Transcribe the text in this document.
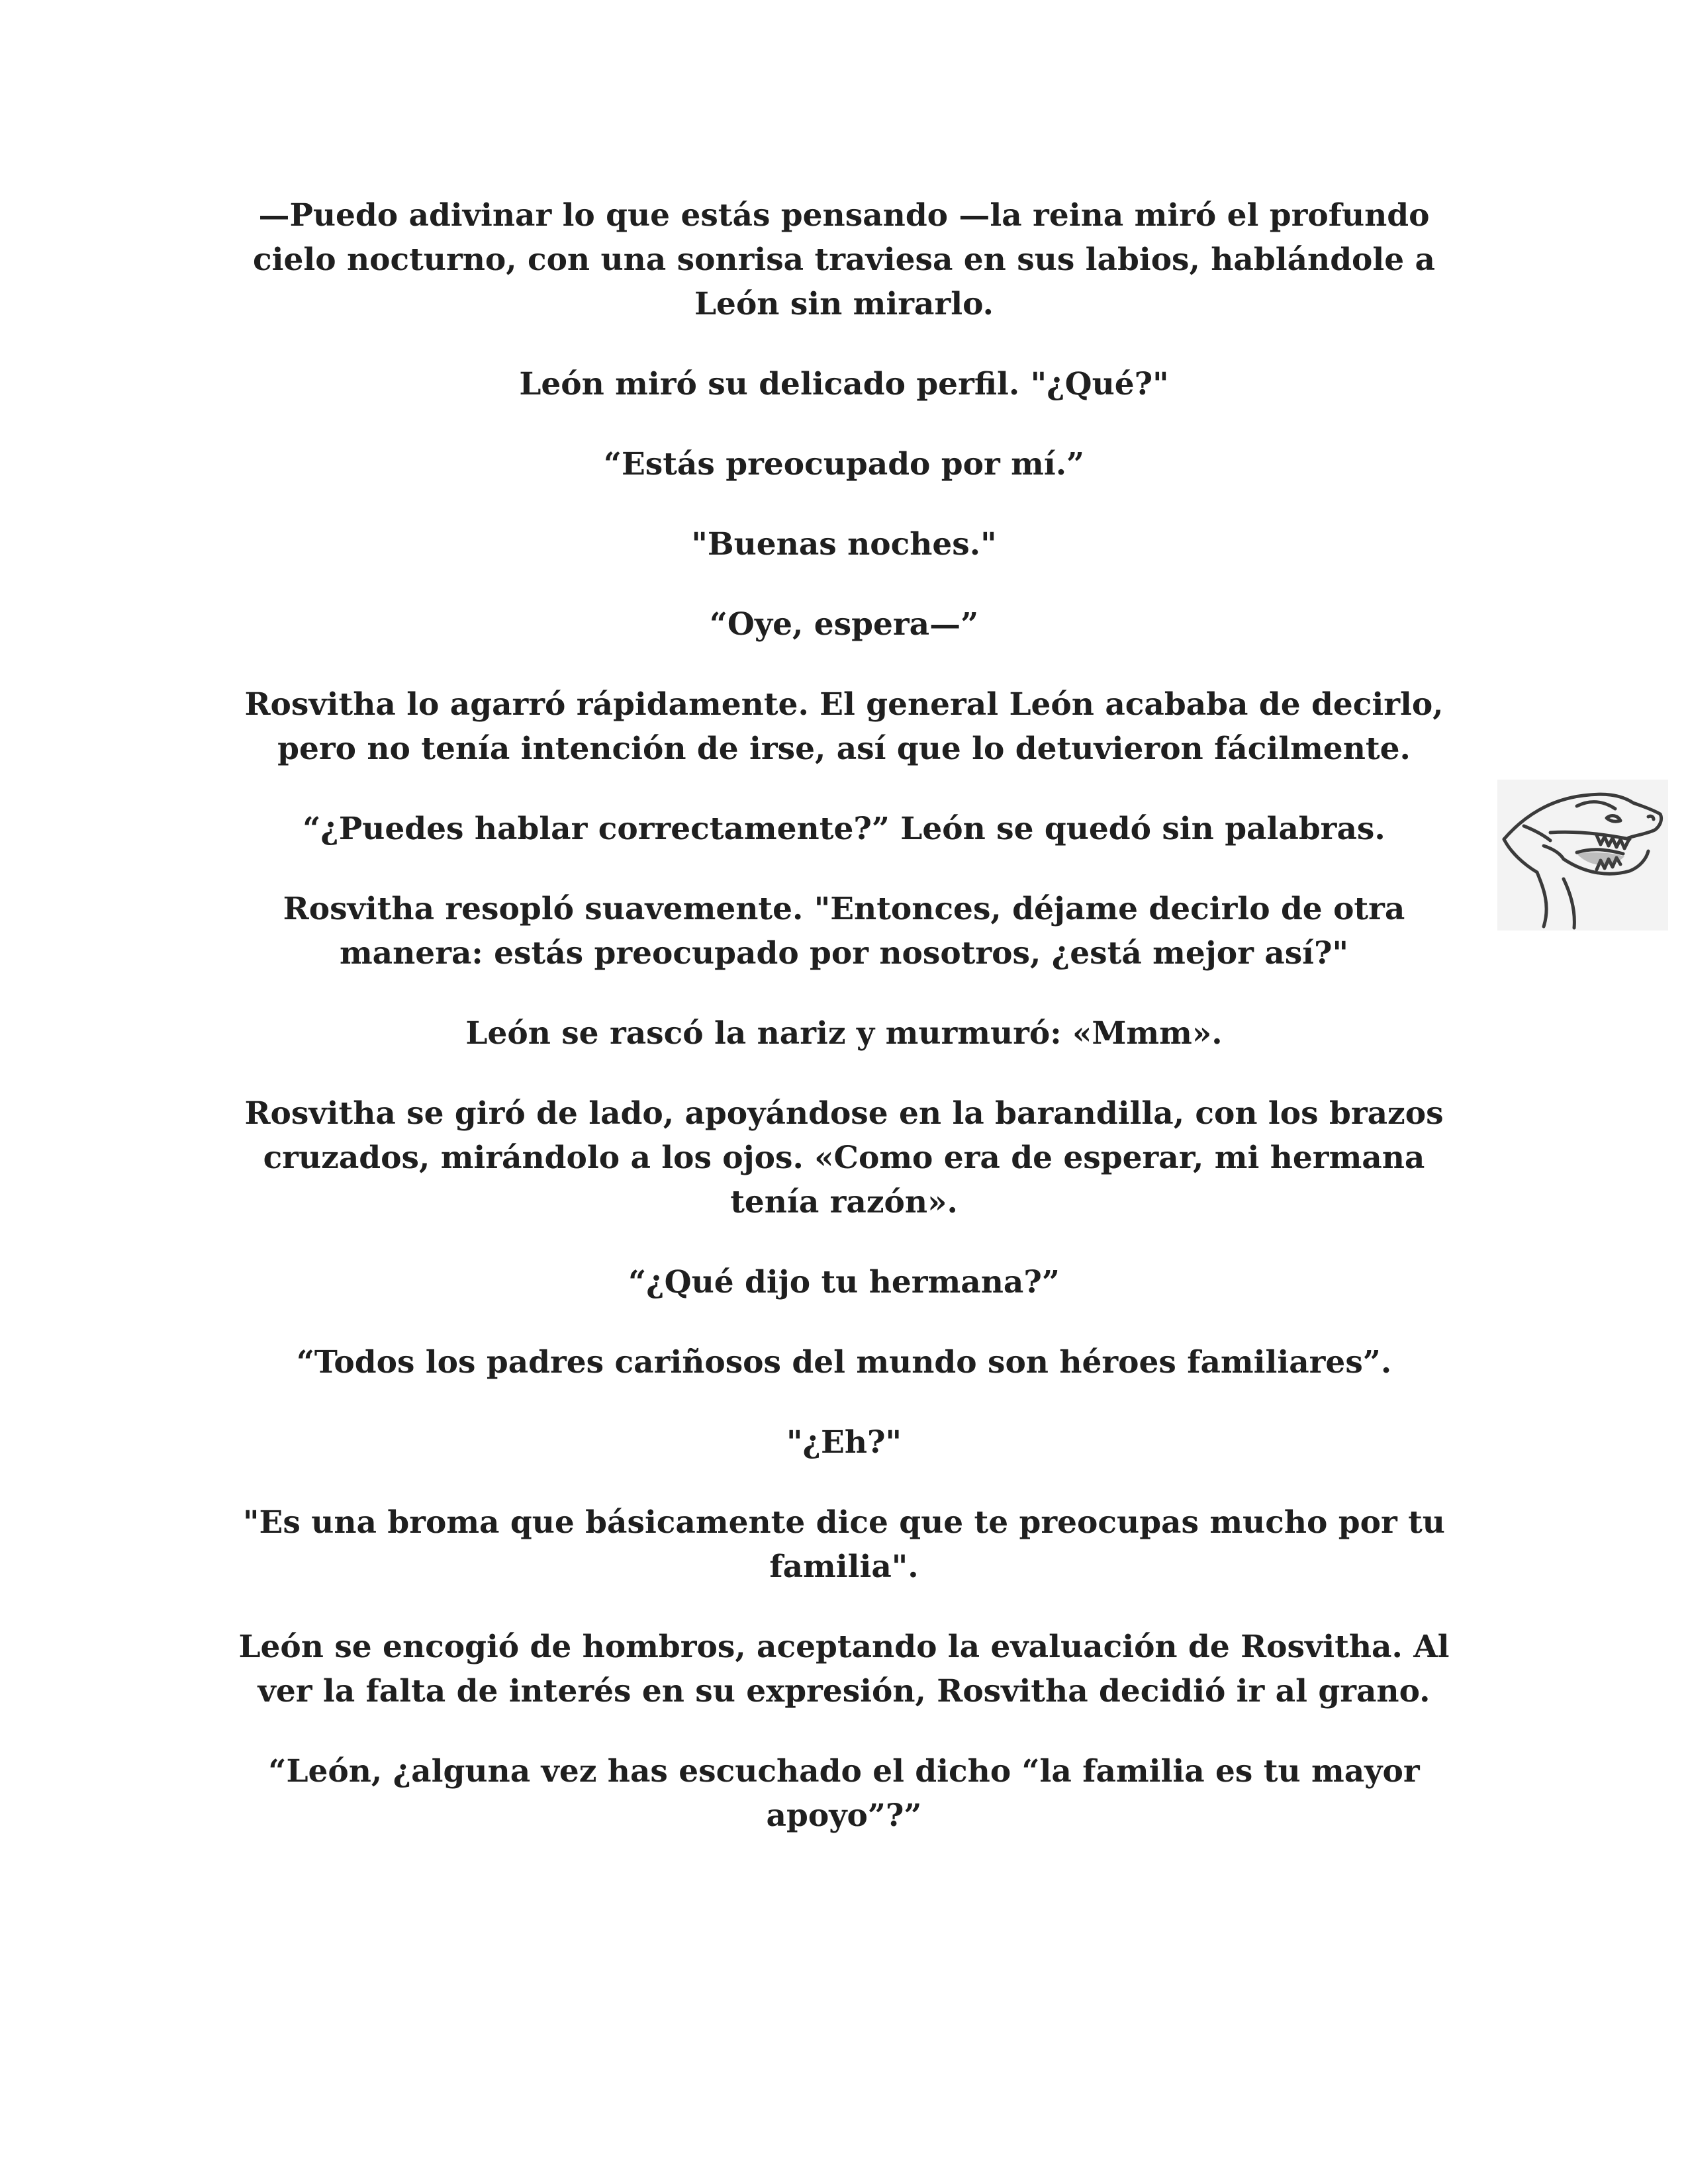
—Puedo adivinar lo que estás pensando —la reina miró el profundo cielo nocturno, con una sonrisa traviesa en sus labios, hablándole a León sin mirarlo.

León miró su delicado perfil. "¿Qué?"

“Estás preocupado por mí.”

"Buenas noches."

“Oye, espera—”

Rosvitha lo agarró rápidamente. El general León acababa de decirlo, pero no tenía intención de irse, así que lo detuvieron fácilmente.

“¿Puedes hablar correctamente?” León se quedó sin palabras.

Rosvitha resopló suavemente. "Entonces, déjame decirlo de otra manera: estás preocupado por nosotros, ¿está mejor así?"

León se rascó la nariz y murmuró: «Mmm».

Rosvitha se giró de lado, apoyándose en la barandilla, con los brazos cruzados, mirándolo a los ojos. «Como era de esperar, mi hermana tenía razón».

“¿Qué dijo tu hermana?”

“Todos los padres cariñosos del mundo son héroes familiares”.

"¿Eh?"

"Es una broma que básicamente dice que te preocupas mucho por tu familia".

León se encogió de hombros, aceptando la evaluación de Rosvitha. Al ver la falta de interés en su expresión, Rosvitha decidió ir al grano.

“León, ¿alguna vez has escuchado el dicho “la familia es tu mayor apoyo”?”
